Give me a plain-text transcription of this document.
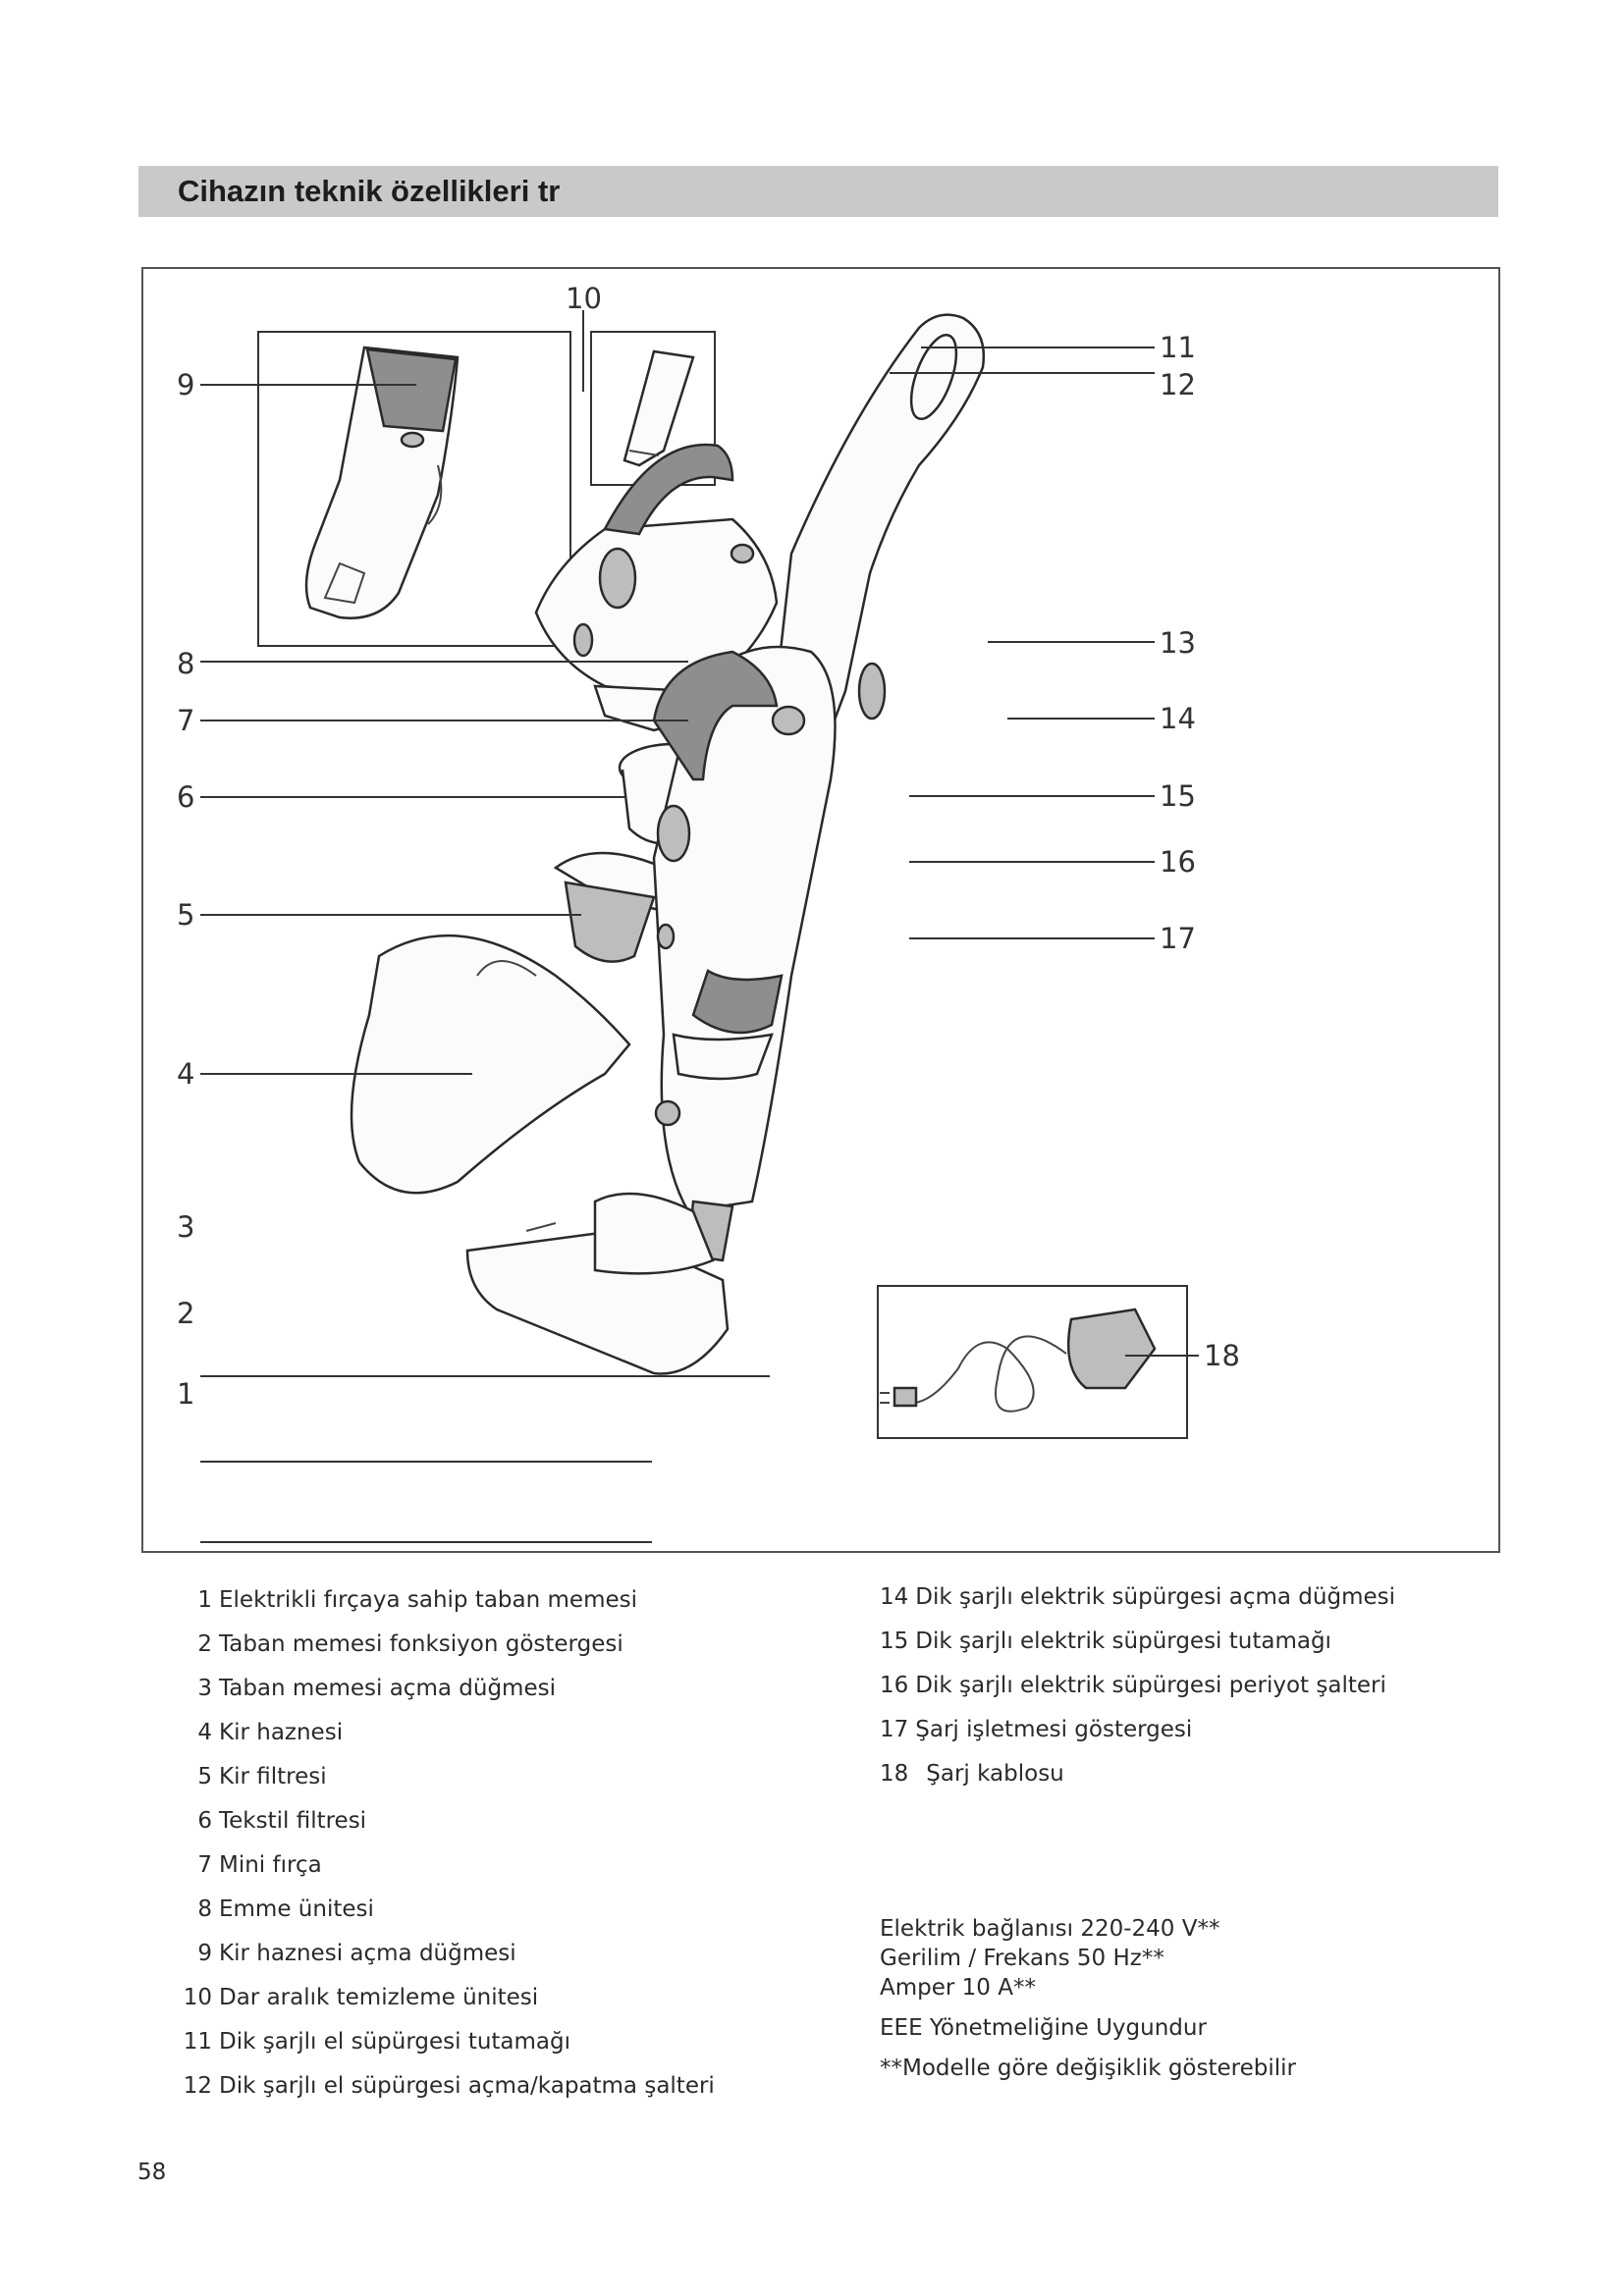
Cihazın teknik özellikleri tr
9
10
11
12
8
7
6
5
4
3
2
1
13
14
15
16
17
18
1 Elektrikli fırçaya sahip taban memesi
2 Taban memesi fonksiyon göstergesi
3 Taban memesi açma düğmesi
4 Kir haznesi
5 Kir filtresi
6 Tekstil filtresi
7 Mini fırça
8 Emme ünitesi
9 Kir haznesi açma düğmesi
10 Dar aralık temizleme ünitesi
11 Dik şarjlı el süpürgesi tutamağı
12 Dik şarjlı el süpürgesi açma/kapatma şalteri
14 Dik şarjlı elektrik süpürgesi açma düğmesi
15 Dik şarjlı elektrik süpürgesi tutamağı
16 Dik şarjlı elektrik süpürgesi periyot şalteri
17 Şarj işletmesi göstergesi
18 Şarj kablosu
Elektrik bağlanısı 220-240 V**
Gerilim / Frekans 50 Hz**
Amper 10 A**
EEE Yönetmeliğine Uygundur
**Modelle göre değişiklik gösterebilir
58
